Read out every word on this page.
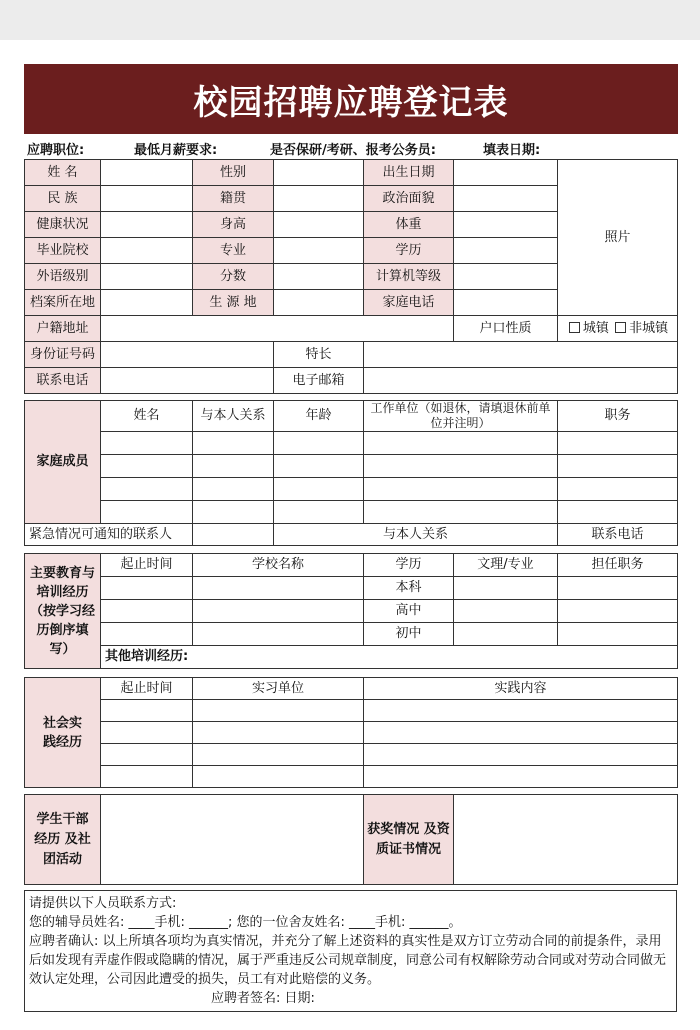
校园招聘应聘登记表
应聘职位:	最低月薪要求:	是否保研/考研、报考公务员:	填表日期:
姓 名		性别		出生日期		照片
民 族		籍贯		政治面貌		
健康状况		身高		体重		
毕业院校		专业		学历		
外语级别		分数		计算机等级		
档案所在地		生 源 地		家庭电话		
户籍地址					户口性质	城镇 非城镇
身份证号码			特长			
联系电话			电子邮箱			
家庭成员	姓名	与本人关系	年龄	工作单位（如退休，请填退休前单位并注明）	职务	

紧急情况可通知的联系人			与本人关系		联系电话	
主要教育与培训经历（按学习经历倒序填写）	起止时间	学校名称	学历	文理/专业	担任职务
			本科		
			高中		
			初中		
	其他培训经历:				
社会实践经历	起止时间	实习单位	实践内容

学生干部经历 及社团活动		获奖情况 及资质证书情况	

请提供以下人员联系方式:

您的辅导员姓名: ____手机: ______; 您的一位舍友姓名: ____手机: ______。

应聘者确认: 以上所填各项均为真实情况，并充分了解上述资料的真实性是双方订立劳动合同的前提条件，录用后如发现有弄虚作假或隐瞒的情况，属于严重违反公司规章制度，同意公司有权解除劳动合同或对劳动合同做无效认定处理，公司因此遭受的损失，员工有对此赔偿的义务。

应聘者签名: 日期:
